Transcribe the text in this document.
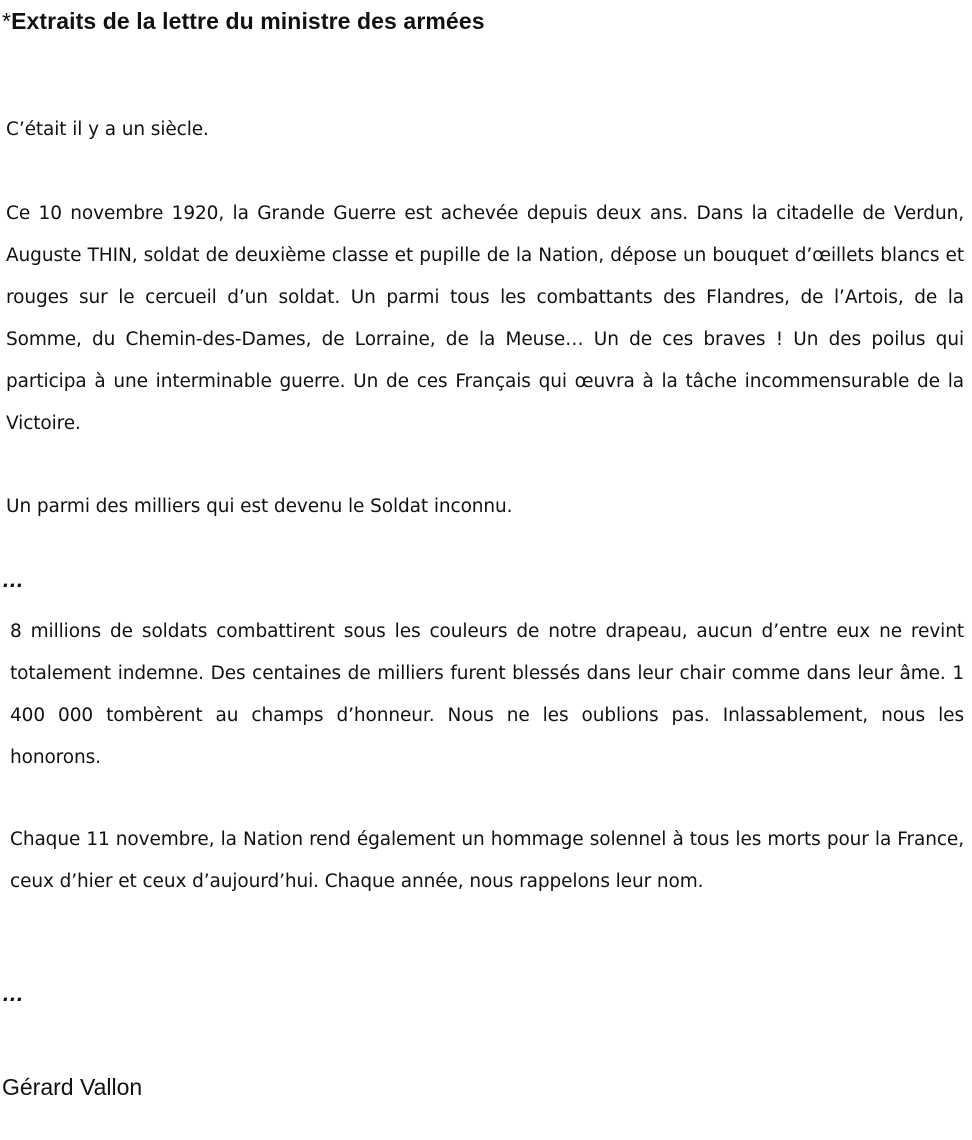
*Extraits de la lettre du ministre des armées

C’était il y a un siècle.

Ce 10 novembre 1920, la Grande Guerre est achevée depuis deux ans. Dans la citadelle de Verdun, Auguste THIN, soldat de deuxième classe et pupille de la Nation, dépose un bouquet d’œillets blancs et rouges sur le cercueil d’un soldat. Un parmi tous les combattants des Flandres, de l’Artois, de la Somme, du Chemin-des-Dames, de Lorraine, de la Meuse… Un de ces braves ! Un des poilus qui participa à une interminable guerre. Un de ces Français qui œuvra à la tâche incommensurable de la Victoire.

Un parmi des milliers qui est devenu le Soldat inconnu.

…

8 millions de soldats combattirent sous les couleurs de notre drapeau, aucun d’entre eux ne revint totalement indemne. Des centaines de milliers furent blessés dans leur chair comme dans leur âme. 1 400 000 tombèrent au champs d’honneur. Nous ne les oublions pas. Inlassablement, nous les honorons.

Chaque 11 novembre, la Nation rend également un hommage solennel à tous les morts pour la France, ceux d’hier et ceux d’aujourd’hui. Chaque année, nous rappelons leur nom.

…
Gérard Vallon
